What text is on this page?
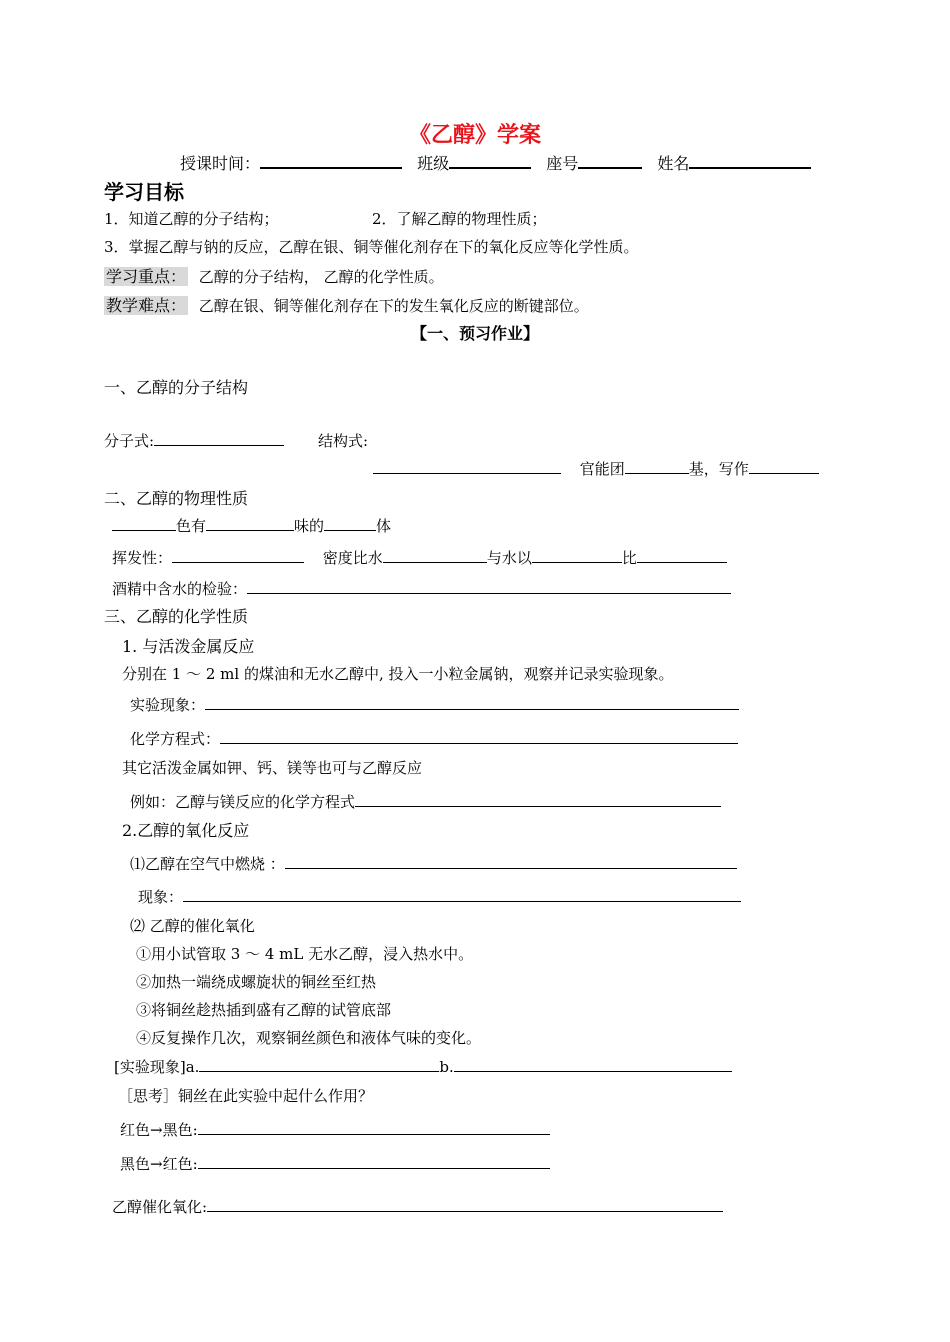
《乙醇》学案
授课时间：	班级	座号	姓名
学习目标
1．知道乙醇的分子结构；	2．了解乙醇的物理性质；
3．掌握乙醇与钠的反应，乙醇在银、铜等催化剂存在下的氧化反应等化学性质。
学习重点： 乙醇的分子结构， 乙醇的化学性质。
教学难点： 乙醇在银、铜等催化剂存在下的发生氧化反应的断键部位。
【一、预习作业】
一、乙醇的分子结构
分子式:	结构式:
官能团	基，写作
二、乙醇的物理性质
色有	味的	体
挥发性：	密度比水	与水以	比
酒精中含水的检验：
三、乙醇的化学性质
1. 与活泼金属反应
分别在 1 ～ 2 ml 的煤油和无水乙醇中, 投入一小粒金属钠，观察并记录实验现象。
实验现象：
化学方程式：
其它活泼金属如钾、钙、镁等也可与乙醇反应
例如：乙醇与镁反应的化学方程式
2.乙醇的氧化反应
⑴乙醇在空气中燃烧 ：
现象：
⑵ 乙醇的催化氧化
①用小试管取 3 ～ 4 mL 无水乙醇，浸入热水中。
②加热一端绕成螺旋状的铜丝至红热
③将铜丝趁热插到盛有乙醇的试管底部
④反复操作几次，观察铜丝颜色和液体气味的变化。
[实验现象]a.	b.
［思考］铜丝在此实验中起什么作用？
红色→黑色:
黑色→红色:
乙醇催化氧化:
